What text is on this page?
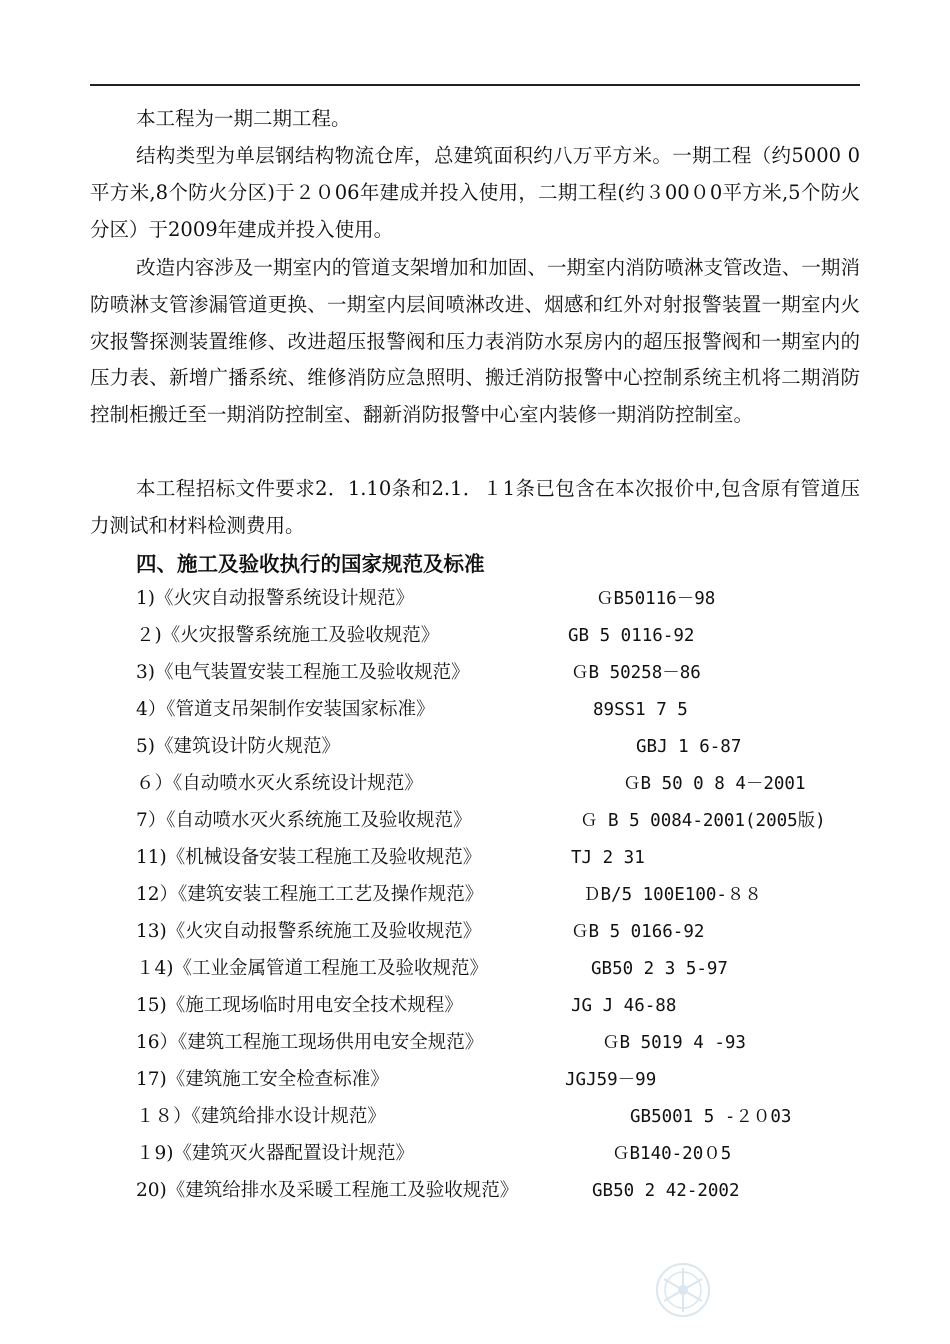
本工程为一期二期工程。

结构类型为单层钢结构物流仓库，总建筑面积约八万平方米。一期工程（约5000 0平方米,8个防火分区)于２０06年建成并投入使用，二期工程(约３00０0平方米,5个防火分区）于2009年建成并投入使用。

改造内容涉及一期室内的管道支架增加和加固、一期室内消防喷淋支管改造、一期消防喷淋支管渗漏管道更换、一期室内层间喷淋改进、烟感和红外对射报警装置一期室内火灾报警探测装置维修、改进超压报警阀和压力表消防水泵房内的超压报警阀和一期室内的压力表、新增广播系统、维修消防应急照明、搬迁消防报警中心控制系统主机将二期消防控制柜搬迁至一期消防控制室、翻新消防报警中心室内装修一期消防控制室。

本工程招标文件要求2．1.10条和2.1．１1条已包含在本次报价中,包含原有管道压力测试和材料检测费用。

四、施工及验收执行的国家规范及标准
1)《火灾自动报警系统设计规范》	ＧB50116－98
２)《火灾报警系统施工及验收规范》	GB 5 0116-92
3)《电气装置安装工程施工及验收规范》	ＧB 50258－86
4）《管道支吊架制作安装国家标准》	89SS1 7 5
5)《建筑设计防火规范》	GBJ 1 6-87
６）《自动喷水灭火系统设计规范》	ＧB 50 0 8 4－2001
7）《自动喷水灭火系统施工及验收规范》	Ｇ B 5 0084-2001(2005版)
11)《机械设备安装工程施工及验收规范》	TJ 2 31
12）《建筑安装工程施工工艺及操作规范》	ＤB/5 100E100-８８
13)《火灾自动报警系统施工及验收规范》	ＧB 5 0166-92
１4)《工业金属管道工程施工及验收规范》	GB50 2 3 5-97
15)《施工现场临时用电安全技术规程》	JG J 46-88
16）《建筑工程施工现场供用电安全规范》	ＧB 5019 4 -93
17)《建筑施工安全检查标准》	JGJ59－99
１８）《建筑给排水设计规范》	GB5001 5 -２０03
１9)《建筑灭火器配置设计规范》	ＧB140-20０5
20)《建筑给排水及采暖工程施工及验收规范》	GB50 2 42-2002
